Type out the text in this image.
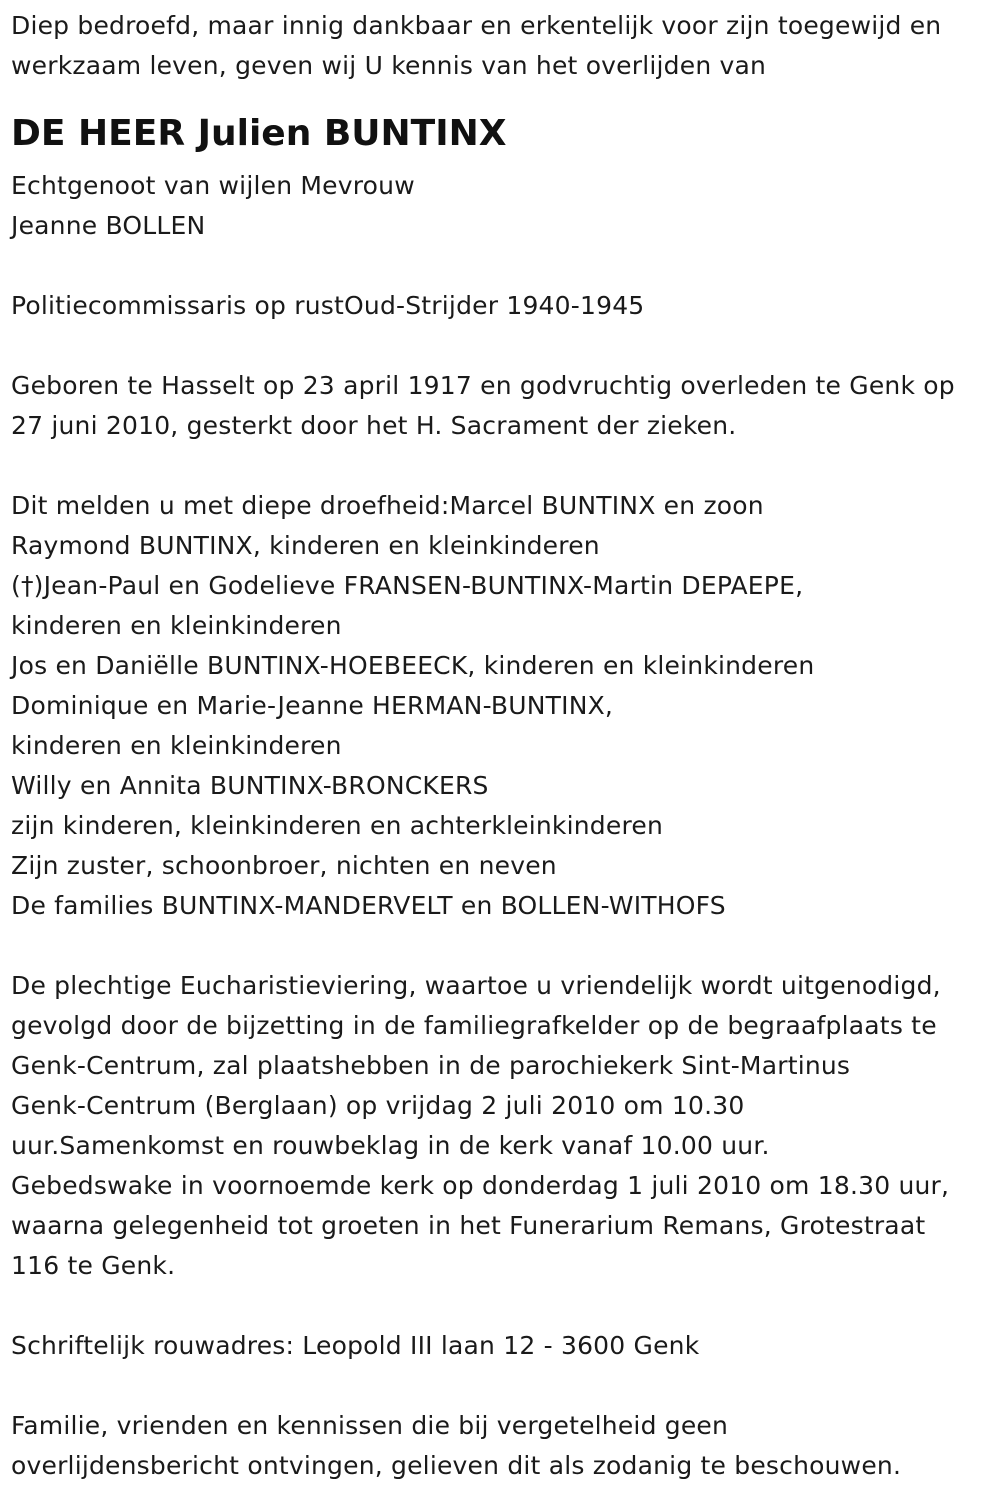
Diep bedroefd, maar innig dankbaar en erkentelijk voor zijn toegewijd en
werkzaam leven, geven wij U kennis van het overlijden van
DE HEER Julien BUNTINX
Echtgenoot van wijlen Mevrouw
Jeanne BOLLEN
Politiecommissaris op rustOud-Strijder 1940-1945
Geboren te Hasselt op 23 april 1917 en godvruchtig overleden te Genk op
27 juni 2010, gesterkt door het H. Sacrament der zieken.
Dit melden u met diepe droefheid:Marcel BUNTINX en zoon
Raymond BUNTINX, kinderen en kleinkinderen
(†)Jean-Paul en Godelieve FRANSEN-BUNTINX-Martin DEPAEPE,
kinderen en kleinkinderen
Jos en Daniëlle BUNTINX-HOEBEECK, kinderen en kleinkinderen
Dominique en Marie-Jeanne HERMAN-BUNTINX,
kinderen en kleinkinderen
Willy en Annita BUNTINX-BRONCKERS
zijn kinderen, kleinkinderen en achterkleinkinderen
Zijn zuster, schoonbroer, nichten en neven
De families BUNTINX-MANDERVELT en BOLLEN-WITHOFS
De plechtige Eucharistieviering, waartoe u vriendelijk wordt uitgenodigd,
gevolgd door de bijzetting in de familiegrafkelder op de begraafplaats te
Genk-Centrum, zal plaatshebben in de parochiekerk Sint-Martinus
Genk-Centrum (Berglaan) op vrijdag 2 juli 2010 om 10.30
uur.Samenkomst en rouwbeklag in de kerk vanaf 10.00 uur.
Gebedswake in voornoemde kerk op donderdag 1 juli 2010 om 18.30 uur,
waarna gelegenheid tot groeten in het Funerarium Remans, Grotestraat
116 te Genk.
Schriftelijk rouwadres: Leopold III laan 12 - 3600 Genk
Familie, vrienden en kennissen die bij vergetelheid geen
overlijdensbericht ontvingen, gelieven dit als zodanig te beschouwen.
